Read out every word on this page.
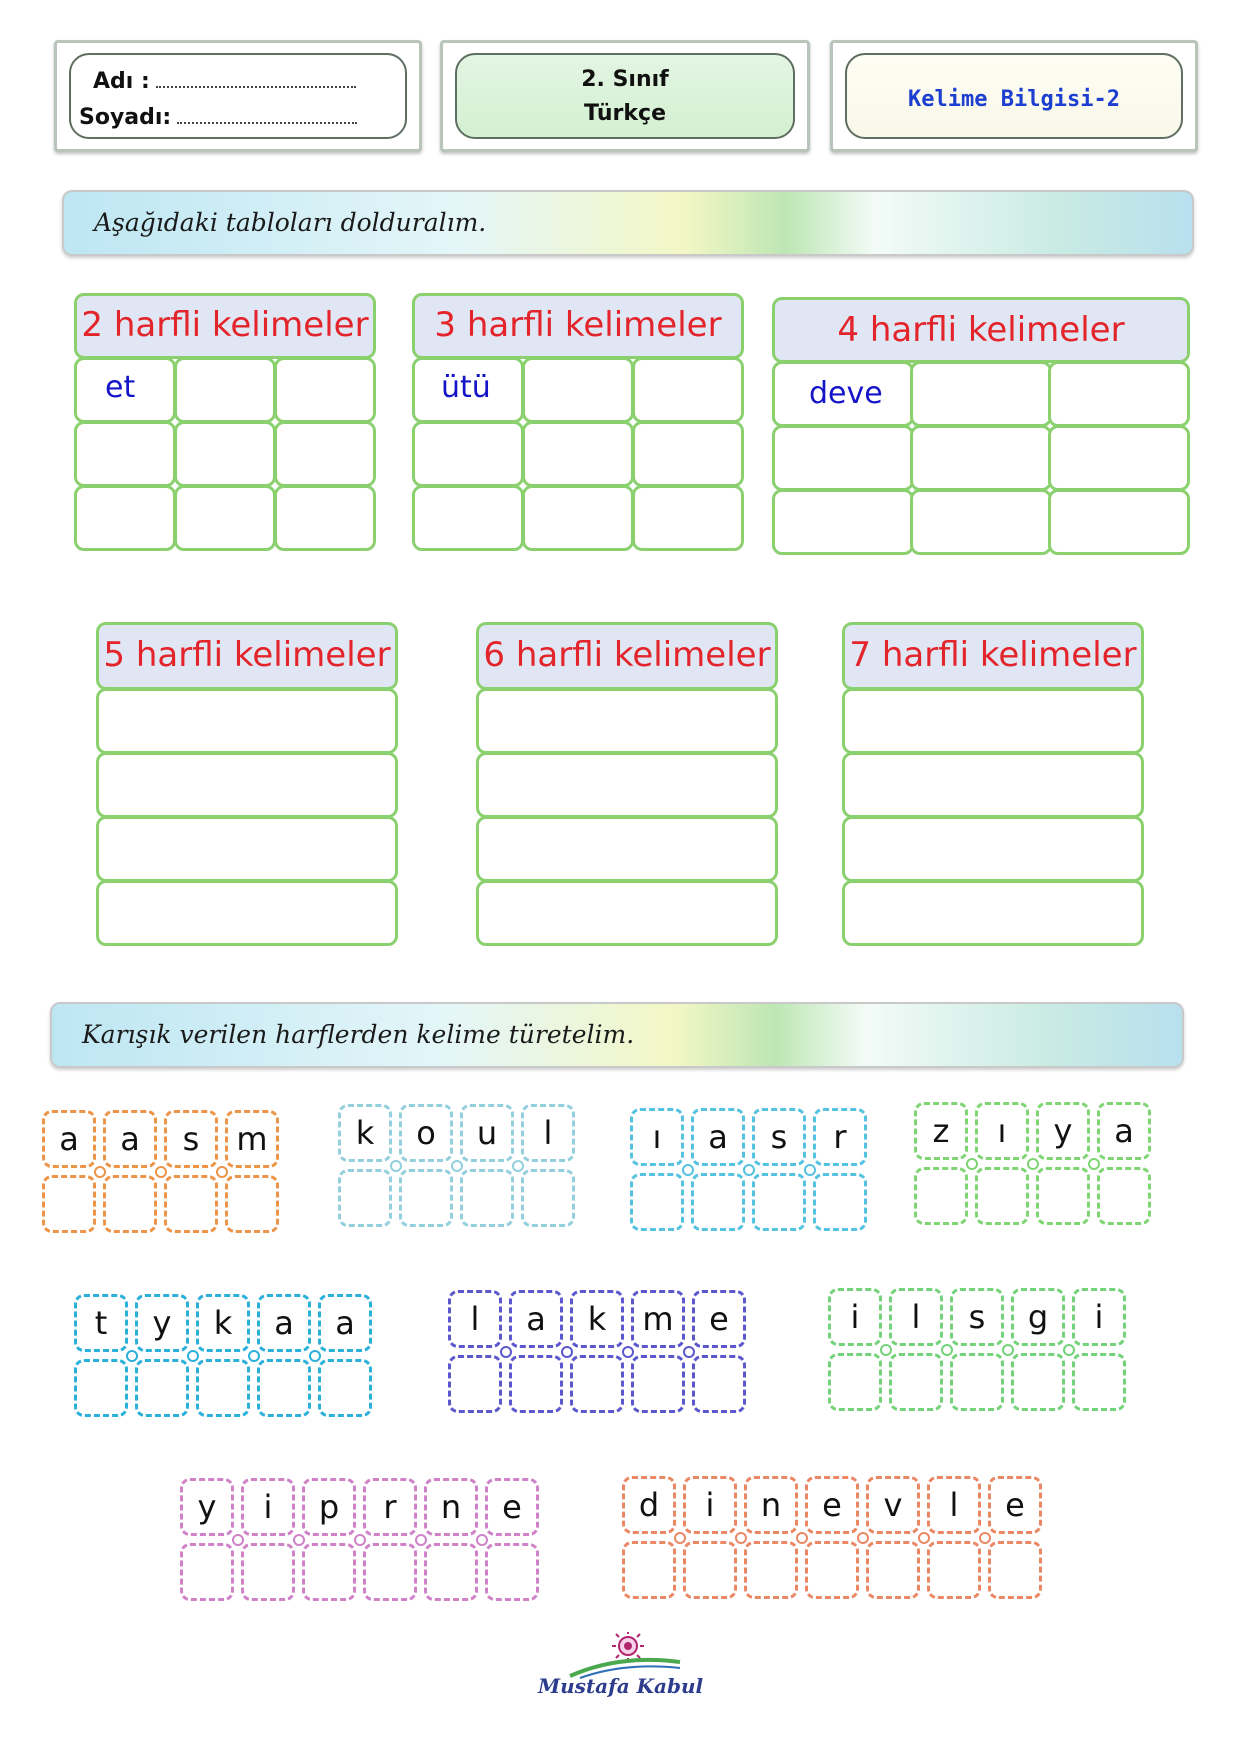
Adı :
Soyadı:
2. Sınıf
Türkçe
Kelime Bilgisi-2
Aşağıdaki tabloları dolduralım.
2 harfli kelimeler
et
3 harfli kelimeler
ütü
4 harfli kelimeler
deve
5 harfli kelimeler	6 harfli kelimeler 7 harfli kelimeler
Karışık verilen harflerden kelime türetelim.
a	a	s	m	k	o	u	l	ı	a	s	r	z	ı	y	a
t	y	k	a	a	l	a	k	m	e	i	l	s	g	i
y	i	p	r	n	e	d	i	n	e	v	l	e
Mustafa Kabul
